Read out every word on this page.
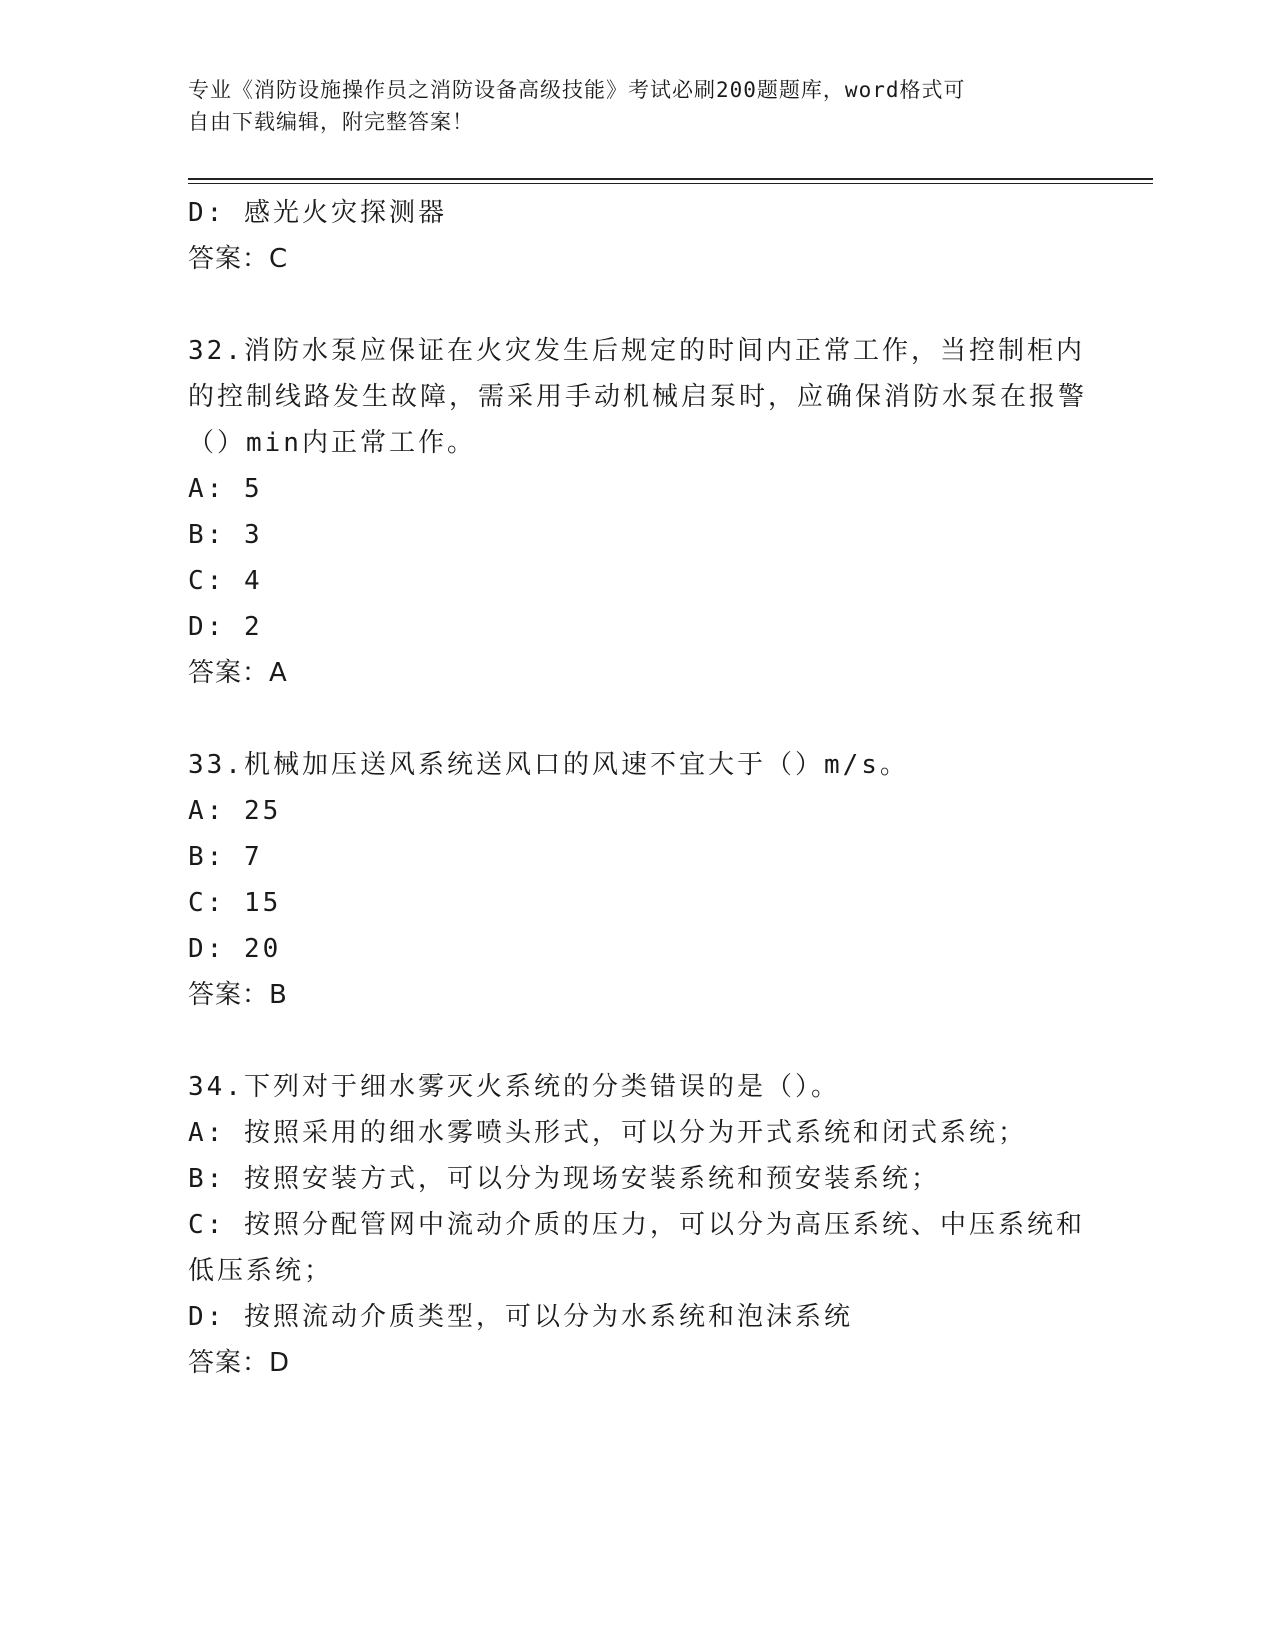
专业《消防设施操作员之消防设备高级技能》考试必刷200题题库，word格式可
自由下载编辑，附完整答案！
D: 感光火灾探测器
答案：C
32.消防水泵应保证在火灾发生后规定的时间内正常工作，当控制柜内的控制线路发生故障，需采用手动机械启泵时，应确保消防水泵在报警（）min内正常工作。
A: 5
B: 3
C: 4
D: 2
答案：A
33.机械加压送风系统送风口的风速不宜大于（）m/s。
A: 25
B: 7
C: 15
D: 20
答案：B
34.下列对于细水雾灭火系统的分类错误的是（）。
A: 按照采用的细水雾喷头形式，可以分为开式系统和闭式系统；
B: 按照安装方式，可以分为现场安装系统和预安装系统；
C: 按照分配管网中流动介质的压力，可以分为高压系统、中压系统和低压系统；
D: 按照流动介质类型，可以分为水系统和泡沫系统
答案：D
